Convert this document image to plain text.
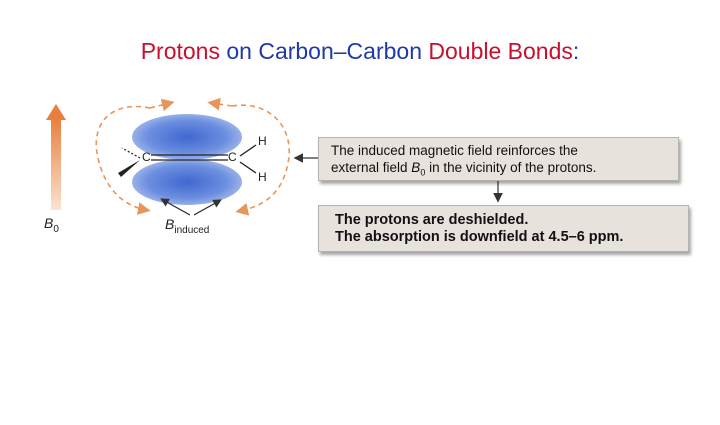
Protons on Carbon–Carbon Double Bonds:
C	C
H
H
$B_0$	$B_{induced}$
The induced magnetic field reinforces the
external field $B_0$ in the vicinity of the protons.
The protons are deshielded.
The absorption is downfield at 4.5–6 ppm.
